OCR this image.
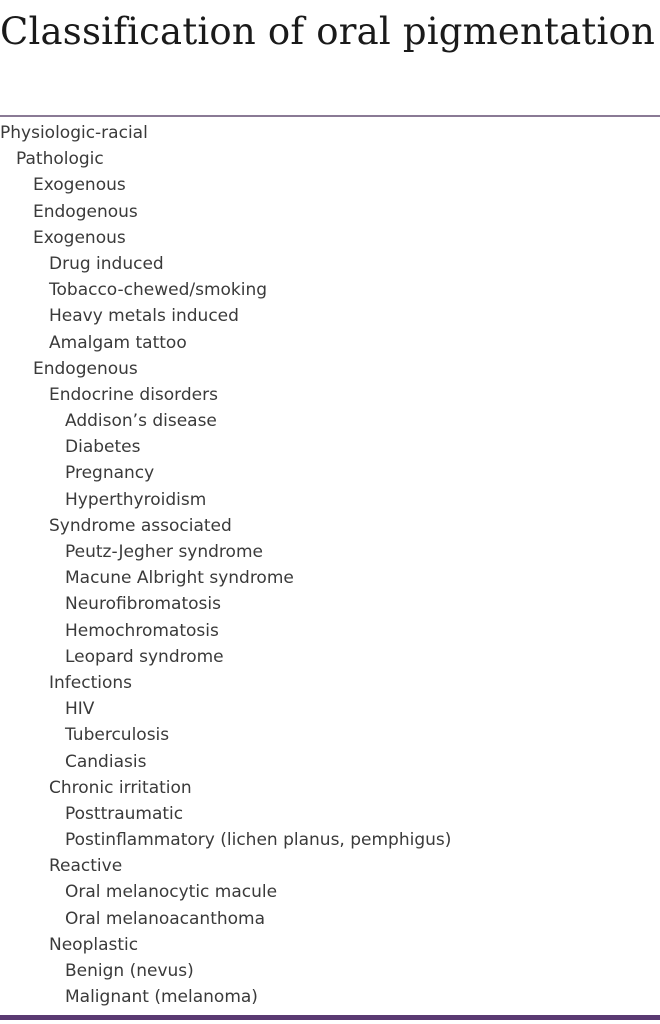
Classification of oral pigmentation
Physiologic-racial
Pathologic
Exogenous
Endogenous
Exogenous
Drug induced
Tobacco-chewed/smoking
Heavy metals induced
Amalgam tattoo
Endogenous
Endocrine disorders
Addison’s disease
Diabetes
Pregnancy
Hyperthyroidism
Syndrome associated
Peutz-Jegher syndrome
Macune Albright syndrome
Neurofibromatosis
Hemochromatosis
Leopard syndrome
Infections
HIV
Tuberculosis
Candiasis
Chronic irritation
Posttraumatic
Postinflammatory (lichen planus, pemphigus)
Reactive
Oral melanocytic macule
Oral melanoacanthoma
Neoplastic
Benign (nevus)
Malignant (melanoma)
